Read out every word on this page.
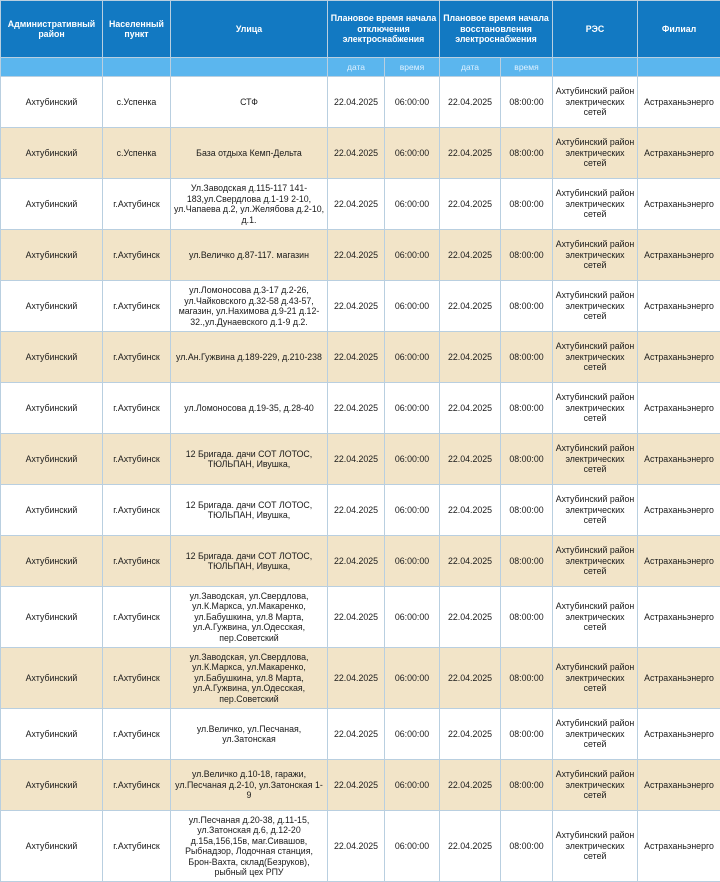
Административный район	Населенный пункт	Улица	Плановое время начала отключения электроснабжения		Плановое время начала восстановления электроснабжения		РЭС	Филиал
			дата	время	дата	время		
Ахтубинский	с.Успенка	СТФ	22.04.2025	06:00:00	22.04.2025	08:00:00	Ахтубинский район электрических сетей	Астраханьэнерго
Ахтубинский	с.Успенка	База отдыха Кемп-Дельта	22.04.2025	06:00:00	22.04.2025	08:00:00	Ахтубинский район электрических сетей	Астраханьэнерго
Ахтубинский	г.Ахтубинск	Ул.Заводская д.115-117 141-183,ул.Свердлова д.1-19 2-10, ул.Чапаева д.2, ул.Желябова д.2-10, д.1.	22.04.2025	06:00:00	22.04.2025	08:00:00	Ахтубинский район электрических сетей	Астраханьэнерго
Ахтубинский	г.Ахтубинск	ул.Величко д.87-117. магазин	22.04.2025	06:00:00	22.04.2025	08:00:00	Ахтубинский район электрических сетей	Астраханьэнерго
Ахтубинский	г.Ахтубинск	ул.Ломоносова д.3-17 д.2-26, ул.Чайковского д.32-58 д.43-57, магазин, ул.Нахимова д.9-21 д.12-32.,ул.Дунаевского д.1-9 д.2.	22.04.2025	06:00:00	22.04.2025	08:00:00	Ахтубинский район электрических сетей	Астраханьэнерго
Ахтубинский	г.Ахтубинск	ул.Ан.Гужвина д.189-229, д.210-238	22.04.2025	06:00:00	22.04.2025	08:00:00	Ахтубинский район электрических сетей	Астраханьэнерго
Ахтубинский	г.Ахтубинск	ул.Ломоносова д.19-35, д.28-40	22.04.2025	06:00:00	22.04.2025	08:00:00	Ахтубинский район электрических сетей	Астраханьэнерго
Ахтубинский	г.Ахтубинск	12 Бригада. дачи СОТ ЛОТОС, ТЮЛЬПАН, Ивушка,	22.04.2025	06:00:00	22.04.2025	08:00:00	Ахтубинский район электрических сетей	Астраханьэнерго
Ахтубинский	г.Ахтубинск	12 Бригада. дачи СОТ ЛОТОС, ТЮЛЬПАН, Ивушка,	22.04.2025	06:00:00	22.04.2025	08:00:00	Ахтубинский район электрических сетей	Астраханьэнерго
Ахтубинский	г.Ахтубинск	12 Бригада. дачи СОТ ЛОТОС, ТЮЛЬПАН, Ивушка,	22.04.2025	06:00:00	22.04.2025	08:00:00	Ахтубинский район электрических сетей	Астраханьэнерго
Ахтубинский	г.Ахтубинск	ул.Заводская, ул.Свердлова, ул.К.Маркса, ул.Макаренко, ул.Бабушкина, ул.8 Марта, ул.А.Гужвина, ул.Одесская, пер.Советский	22.04.2025	06:00:00	22.04.2025	08:00:00	Ахтубинский район электрических сетей	Астраханьэнерго
Ахтубинский	г.Ахтубинск	ул.Заводская, ул.Свердлова, ул.К.Маркса, ул.Макаренко, ул.Бабушкина, ул.8 Марта, ул.А.Гужвина, ул.Одесская, пер.Советский	22.04.2025	06:00:00	22.04.2025	08:00:00	Ахтубинский район электрических сетей	Астраханьэнерго
Ахтубинский	г.Ахтубинск	ул.Величко, ул.Песчаная, ул.Затонская	22.04.2025	06:00:00	22.04.2025	08:00:00	Ахтубинский район электрических сетей	Астраханьэнерго
Ахтубинский	г.Ахтубинск	ул.Величко д.10-18, гаражи, ул.Песчаная д.2-10, ул.Затонская 1-9	22.04.2025	06:00:00	22.04.2025	08:00:00	Ахтубинский район электрических сетей	Астраханьэнерго
Ахтубинский	г.Ахтубинск	ул.Песчаная д.20-38, д.11-15, ул.Затонская д.6, д.12-20 д.15а,156,15в, маг.Сивашов, Рыбнадзор, Лодочная станция, Брон-Вахта, склад(Безруков), рыбный цех РПУ	22.04.2025	06:00:00	22.04.2025	08:00:00	Ахтубинский район электрических сетей	Астраханьэнерго
